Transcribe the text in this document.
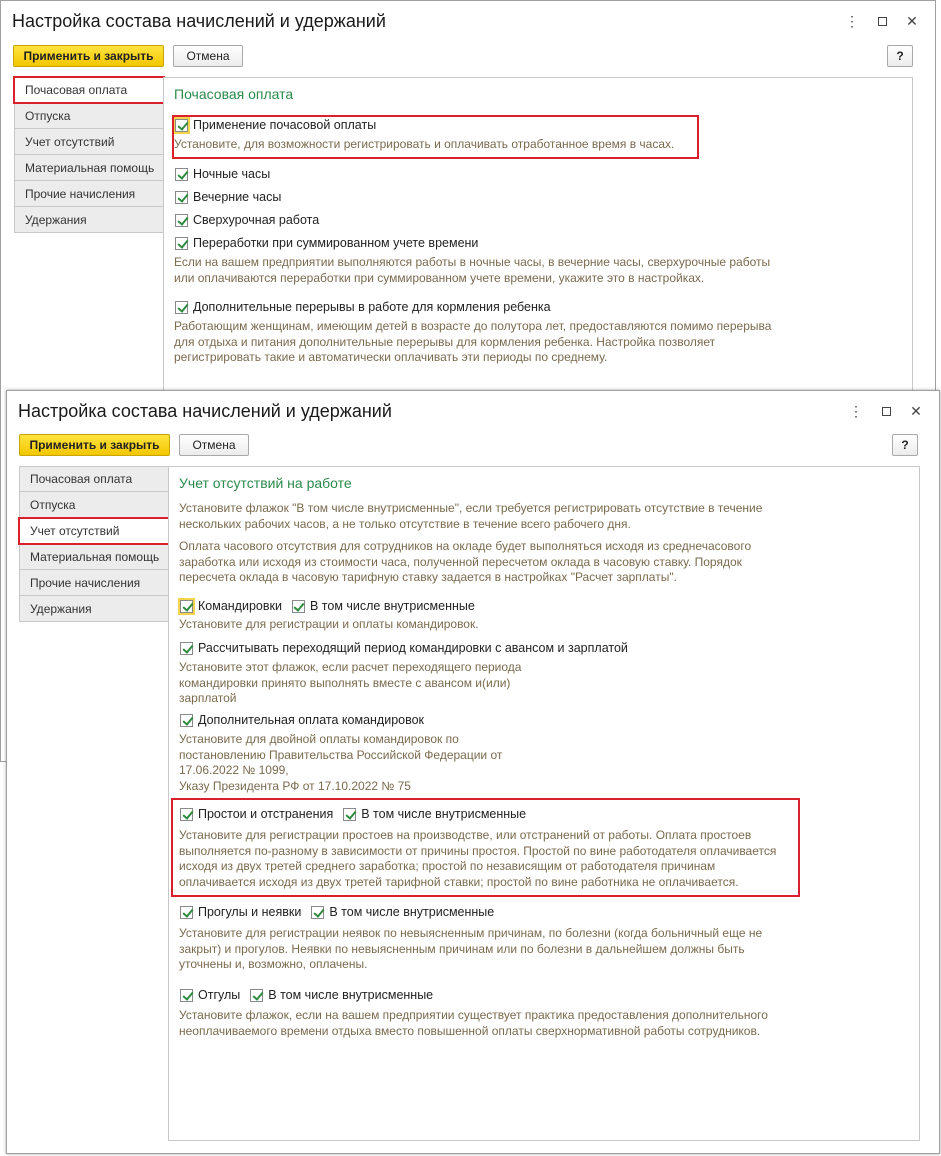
Настройка состава начислений и удержаний	⋮	✕
Применить и закрыть	Отмена	?
Почасовая оплата
Отпуска
Учет отсутствий
Материальная помощь
Прочие начисления
Удержания
Почасовая оплата
Применение почасовой оплаты
Установите, для возможности регистрировать и оплачивать отработанное время в часах.
Ночные часы
Вечерние часы
Сверхурочная работа
Переработки при суммированном учете времени
Если на вашем предприятии выполняются работы в ночные часы, в вечерние часы, сверхурочные работы
или оплачиваются переработки при суммированном учете времени, укажите это в настройках.
Дополнительные перерывы в работе для кормления ребенка
Работающим женщинам, имеющим детей в возрасте до полутора лет, предоставляются помимо перерыва
для отдыха и питания дополнительные перерывы для кормления ребенка. Настройка позволяет
регистрировать такие и автоматически оплачивать эти периоды по среднему.
Настройка состава начислений и удержаний	⋮	✕
Применить и закрыть	Отмена	?
Почасовая оплата
Отпуска
Учет отсутствий
Материальная помощь
Прочие начисления
Удержания
Учет отсутствий на работе
Установите флажок "В том числе внутрисменные", если требуется регистрировать отсутствие в течение
нескольких рабочих часов, а не только отсутствие в течение всего рабочего дня.
Оплата часового отсутствия для сотрудников на окладе будет выполняться исходя из среднечасового
заработка или исходя из стоимости часа, полученной пересчетом оклада в часовую ставку. Порядок
пересчета оклада в часовую тарифную ставку задается в настройках "Расчет зарплаты".
Командировки В том числе внутрисменные
Установите для регистрации и оплаты командировок.
Рассчитывать переходящий период командировки с авансом и зарплатой
Установите этот флажок, если расчет переходящего периода
командировки принято выполнять вместе с авансом и(или)
зарплатой
Дополнительная оплата командировок
Установите для двойной оплаты командировок по
постановлению Правительства Российской Федерации от
17.06.2022 № 1099,
Указу Президента РФ от 17.10.2022 № 75
Простои и отстранения В том числе внутрисменные
Установите для регистрации простоев на производстве, или отстранений от работы. Оплата простоев
выполняется по-разному в зависимости от причины простоя. Простой по вине работодателя оплачивается
исходя из двух третей среднего заработка; простой по независящим от работодателя причинам
оплачивается исходя из двух третей тарифной ставки; простой по вине работника не оплачивается.
Прогулы и неявки В том числе внутрисменные
Установите для регистрации неявок по невыясненным причинам, по болезни (когда больничный еще не
закрыт) и прогулов. Неявки по невыясненным причинам или по болезни в дальнейшем должны быть
уточнены и, возможно, оплачены.
Отгулы В том числе внутрисменные
Установите флажок, если на вашем предприятии существует практика предоставления дополнительного
неоплачиваемого времени отдыха вместо повышенной оплаты сверхнормативной работы сотрудников.
